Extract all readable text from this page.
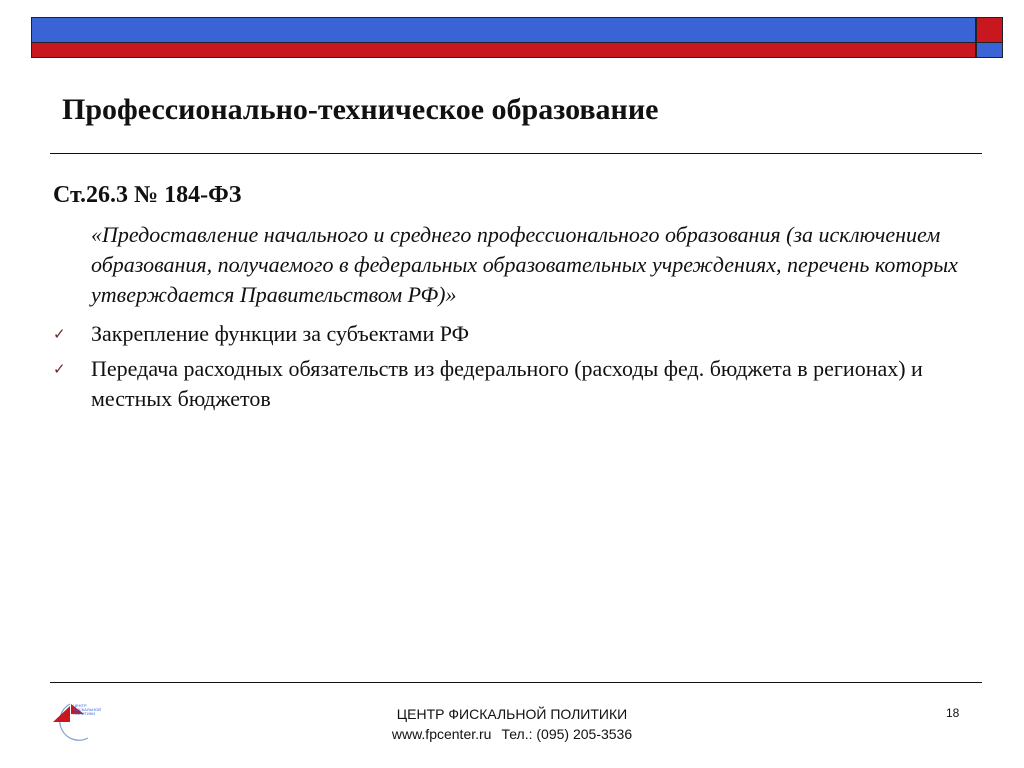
Профессионально-техническое образование
Ст.26.3 № 184-ФЗ

«Предоставление начального и среднего профессионального образования (за исключением образования, получаемого в федеральных образовательных учреждениях, перечень которых утверждается Правительством РФ)»

✓ Закрепление функции за субъектами РФ
✓ Передача расходных обязательств из федерального (расходы фед. бюджета в регионах) и местных бюджетов
ЦЕНТР
ФИСКАЛЬНОЙ
ПОЛИТИКИ	ЦЕНТР ФИСКАЛЬНОЙ ПОЛИТИКИ
www.fpcenter.ru Тел.: (095) 205-3536
18
